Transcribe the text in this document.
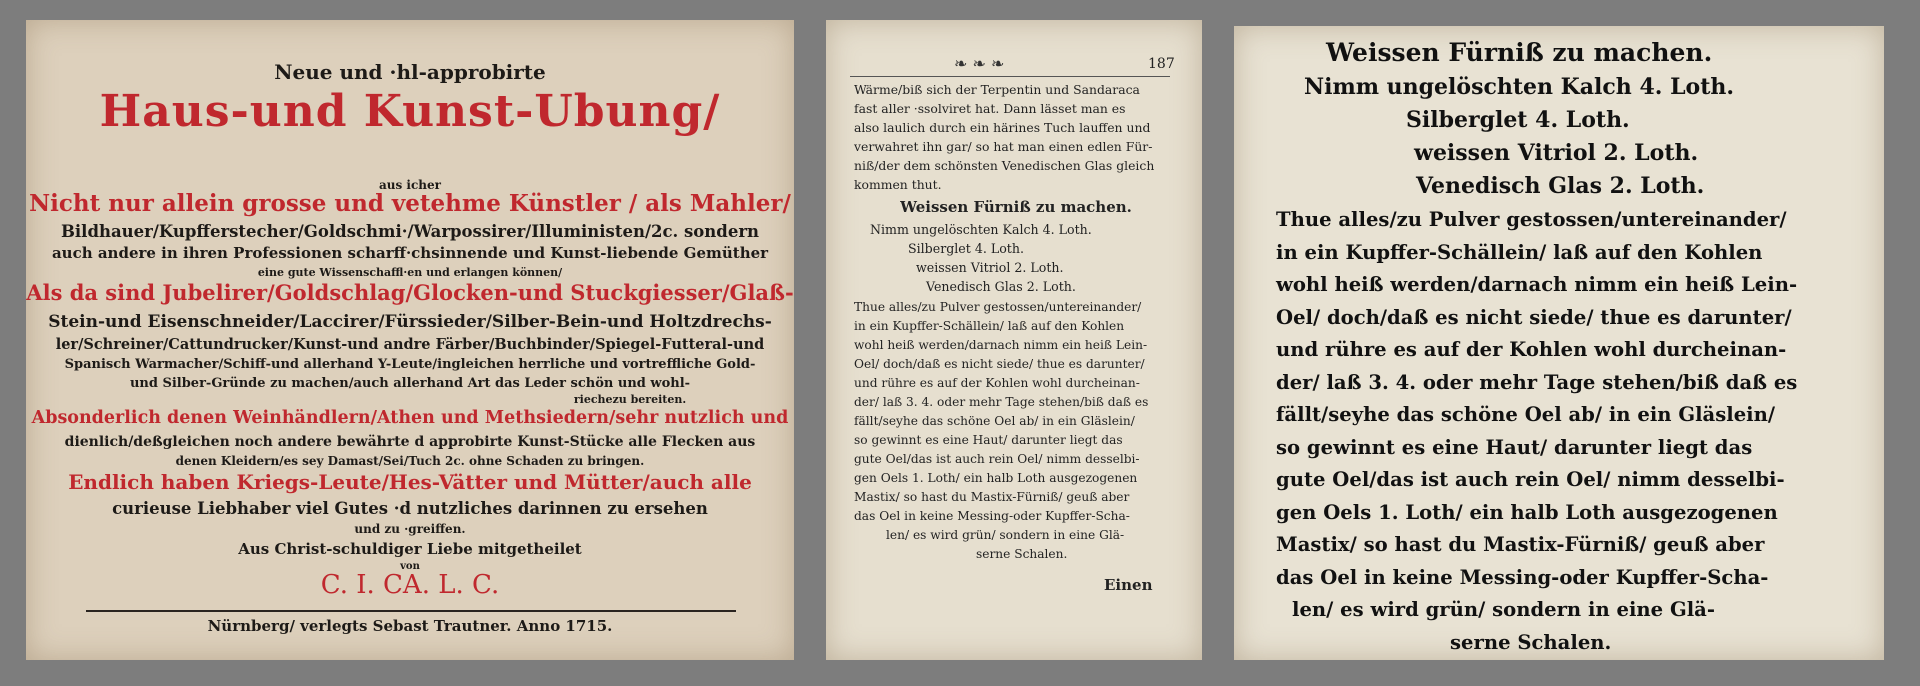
Neue und ·hl-approbirte
Haus-und Kunst-Ubung/
aus icher
Nicht nur allein grosse und vetehme Künstler / als Mahler/
Bildhauer/Kupfferstecher/Goldschmi·/Warpossirer/Illuministen/2c. sondern
auch andere in ihren Professionen scharff·chsinnende und Kunst-liebende Gemüther
eine gute Wissenschaffl·en und erlangen können/
Als da sind Jubelirer/Goldschlag/Glocken-und Stuckgiesser/Glaß-
Stein-und Eisenschneider/Laccirer/Fürssieder/Silber-Bein-und Holtzdrechs-
ler/Schreiner/Cattundrucker/Kunst-und andre Färber/Buchbinder/Spiegel-Futteral-und
Spanisch Warmacher/Schiff-und allerhand Y-Leute/ingleichen herrliche und vortreffliche Gold-
und Silber-Gründe zu machen/auch allerhand Art das Leder schön und wohl-
riechezu bereiten.
Absonderlich denen Weinhändlern/Athen und Methsiedern/sehr nutzlich und
dienlich/deßgleichen noch andere bewährte d approbirte Kunst-Stücke alle Flecken aus
denen Kleidern/es sey Damast/Sei/Tuch 2c. ohne Schaden zu bringen.
Endlich haben Kriegs-Leute/Hes-Vätter und Mütter/auch alle
curieuse Liebhaber viel Gutes ·d nutzliches darinnen zu ersehen
und zu ·greiffen.
Aus Christ-schuldiger Liebe mitgetheilet
von
C. I. CA. L. C.
Nürnberg/ verlegts Sebast Trautner. Anno 1715.
❧ ❧ ❧	187
Wärme/biß sich der Terpentin und Sandaraca
fast aller ·ssolviret hat. Dann lässet man es
also laulich durch ein härines Tuch lauffen und
verwahret ihn gar/ so hat man einen edlen Für-
niß/der dem schönsten Venedischen Glas gleich
kommen thut.
Weissen Fürniß zu machen.
Nimm ungelöschten Kalch 4. Loth.
Silberglet 4. Loth.
weissen Vitriol 2. Loth.
Venedisch Glas 2. Loth.
Thue alles/zu Pulver gestossen/untereinander/
in ein Kupffer-Schällein/ laß auf den Kohlen
wohl heiß werden/darnach nimm ein heiß Lein-
Oel/ doch/daß es nicht siede/ thue es darunter/
und rühre es auf der Kohlen wohl durcheinan-
der/ laß 3. 4. oder mehr Tage stehen/biß daß es
fällt/seyhe das schöne Oel ab/ in ein Gläslein/
so gewinnt es eine Haut/ darunter liegt das
gute Oel/das ist auch rein Oel/ nimm desselbi-
gen Oels 1. Loth/ ein halb Loth ausgezogenen
Mastix/ so hast du Mastix-Fürniß/ geuß aber
das Oel in keine Messing-oder Kupffer-Scha-
len/ es wird grün/ sondern in eine Glä-
serne Schalen.
Einen
Weissen Fürniß zu machen.
Nimm ungelöschten Kalch 4. Loth.
Silberglet 4. Loth.
weissen Vitriol 2. Loth.
Venedisch Glas 2. Loth.
Thue alles/zu Pulver gestossen/untereinander/
in ein Kupffer-Schällein/ laß auf den Kohlen
wohl heiß werden/darnach nimm ein heiß Lein-
Oel/ doch/daß es nicht siede/ thue es darunter/
und rühre es auf der Kohlen wohl durcheinan-
der/ laß 3. 4. oder mehr Tage stehen/biß daß es
fällt/seyhe das schöne Oel ab/ in ein Gläslein/
so gewinnt es eine Haut/ darunter liegt das
gute Oel/das ist auch rein Oel/ nimm desselbi-
gen Oels 1. Loth/ ein halb Loth ausgezogenen
Mastix/ so hast du Mastix-Fürniß/ geuß aber
das Oel in keine Messing-oder Kupffer-Scha-
len/ es wird grün/ sondern in eine Glä-
serne Schalen.
